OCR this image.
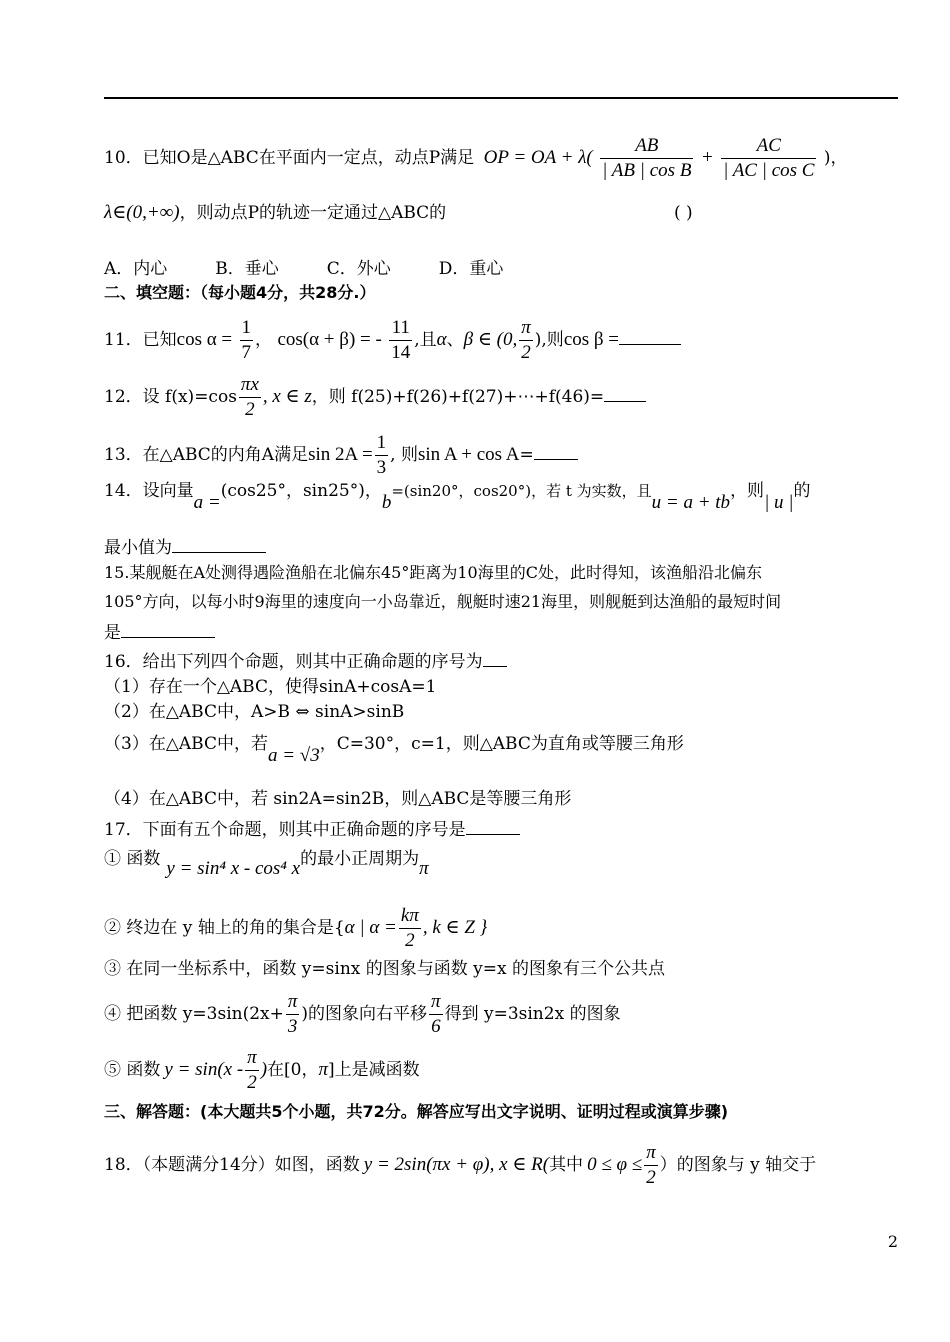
10．已知O是△ABC在平面内一定点，动点P满足 OP = OA + $\lambda( \frac{AB}{\text{| AB | cos B}} + \frac{AC}{\text{| AC | cos C}}$ )，
λ∈(0,+∞)，则动点P的轨迹一定通过△ABC的	( )
A．内心	B．垂心	C．外心	D．重心
二、填空题：（每小题4分，共28分.）
11．已知$\cos \alpha = \frac{1}{7}$ ， cos(α + β) = - $\frac{11}{14}$ ,且α、β ∈ (0, $\frac{\pi}{2}$ ),则cos β =
12．设 $f(x)=\cos \frac{\pi x}{2}$ , x ∈ z，则 f(25)+f(26)+f(27)+⋯+f(46)=
13．在△ABC的内角A满足$\sin 2A = \frac{1}{3}$ , 则sin A + cos A=
14．设向量a =(cos25°，sin25°)，b=(sin20°，cos20°)，若 t 为实数，且u = a + tb，则| u |的
最小值为
15.某舰艇在A处测得遇险渔船在北偏东45°距离为10海里的C处，此时得知，该渔船沿北偏东
105°方向，以每小时9海里的速度向一小岛靠近，舰艇时速21海里，则舰艇到达渔船的最短时间
是
16．给出下列四个命题，则其中正确命题的序号为
（1）存在一个△ABC，使得sinA+cosA=1
（2）在△ABC中，A>B ⇔ sinA>sinB
（3）在△ABC中，若a = √3，C=30°，c=1，则△ABC为直角或等腰三角形
（4）在△ABC中，若 sin2A=sin2B，则△ABC是等腰三角形
17．下面有五个命题，则其中正确命题的序号是
① 函数 y = sin⁴ x - cos⁴ x的最小正周期为π
② 终边在 y 轴上的角的集合是{α | $\alpha = \frac{k\pi}{2}$ , k ∈ Z }
③ 在同一坐标系中，函数 y=sinx 的图象与函数 y=x 的图象有三个公共点
④ 把函数 $y=3\sin(2x+ \frac{\pi}{3}$ )的图象向右平移 $\frac{\pi}{6}$ 得到 y=3sin2x 的图象
⑤ 函数 $y = \sin(x - \frac{\pi}{2}$ )在[0，π]上是减函数
三、解答题：(本大题共5个小题，共72分。解答应写出文字说明、证明过程或演算步骤)
18．（本题满分14分）如图，函数 y = 2sin(πx + φ), x ∈ R(其中 $0 \le \varphi \le \frac{\pi}{2}$ ）的图象与 y 轴交于
2
